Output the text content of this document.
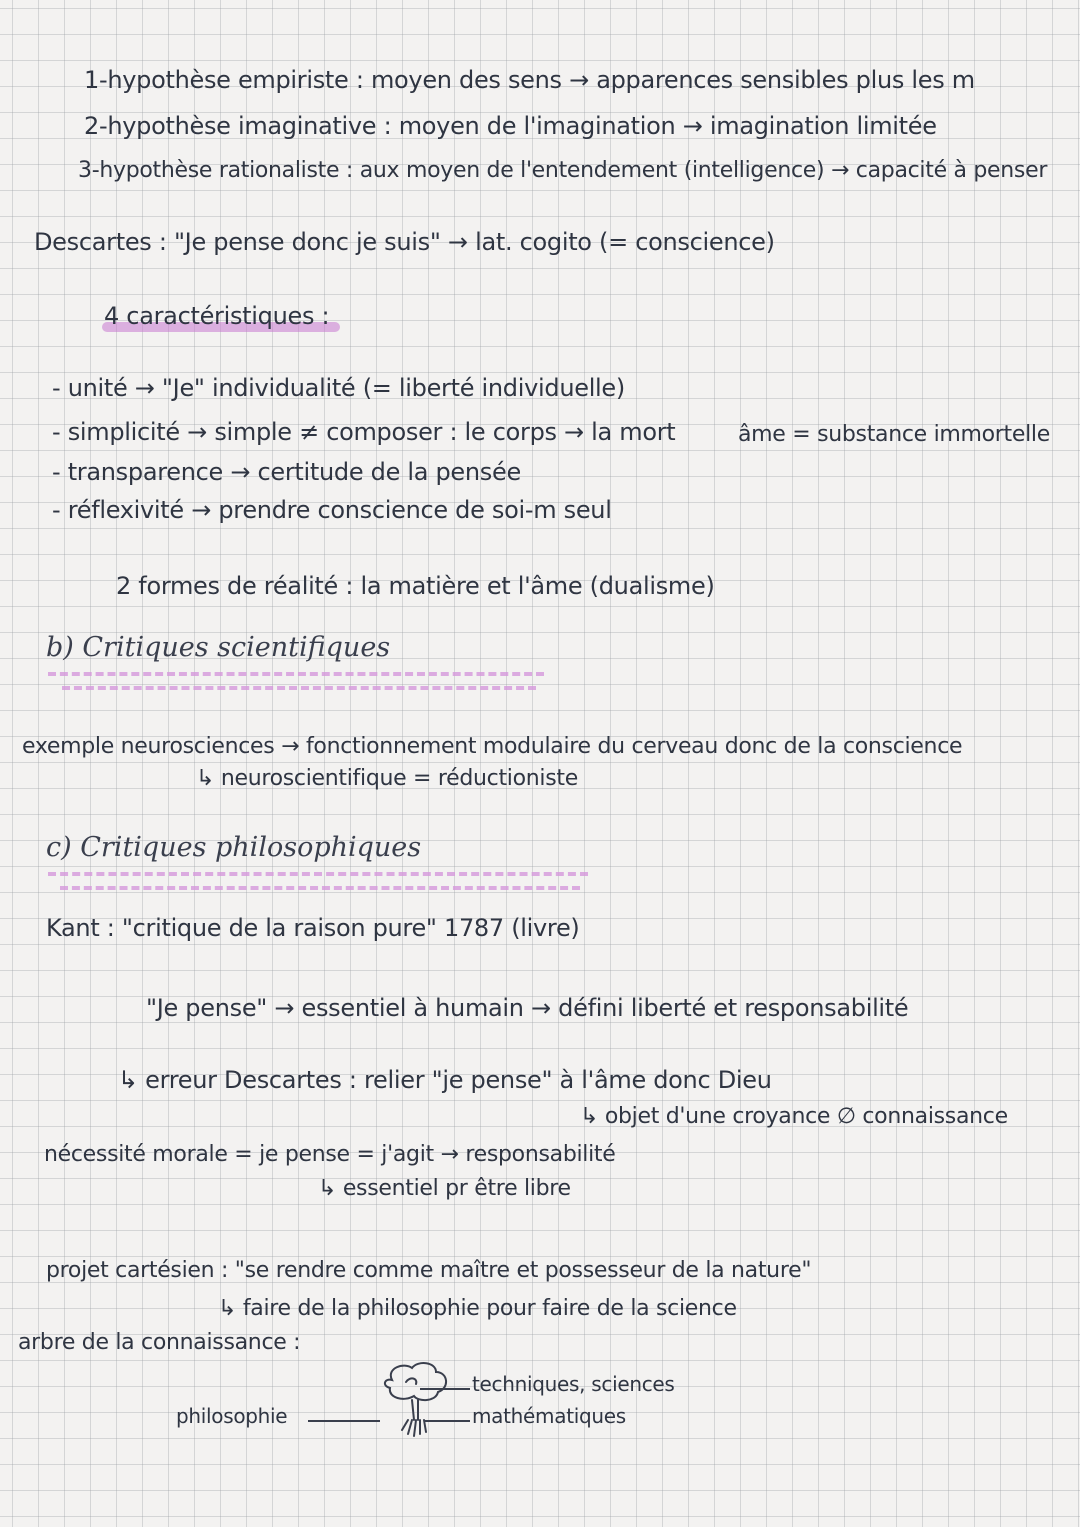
1-hypothèse empiriste : moyen des sens → apparences sensibles plus les m
2-hypothèse imaginative : moyen de l'imagination → imagination limitée
3-hypothèse rationaliste : aux moyen de l'entendement (intelligence) → capacité à penser
Descartes : "Je pense donc je suis" → lat. cogito (= conscience)
4 caractéristiques :
- unité → "Je" individualité (= liberté individuelle)
- simplicité → simple ≠ composer : le corps → la mort	âme = substance immortelle
- transparence → certitude de la pensée
- réflexivité → prendre conscience de soi-m seul
2 formes de réalité : la matière et l'âme (dualisme)
b) Critiques scientifiques
exemple neurosciences → fonctionnement modulaire du cerveau donc de la conscience
↳ neuroscientifique = réductioniste
c) Critiques philosophiques
Kant : "critique de la raison pure" 1787 (livre)
"Je pense" → essentiel à humain → défini liberté et responsabilité
↳ erreur Descartes : relier "je pense" à l'âme donc Dieu
↳ objet d'une croyance ∅ connaissance
nécessité morale = je pense = j'agit → responsabilité
↳ essentiel pr être libre
projet cartésien : "se rendre comme maître et possesseur de la nature"
↳ faire de la philosophie pour faire de la science
arbre de la connaissance :
philosophie
techniques, sciences
mathématiques
